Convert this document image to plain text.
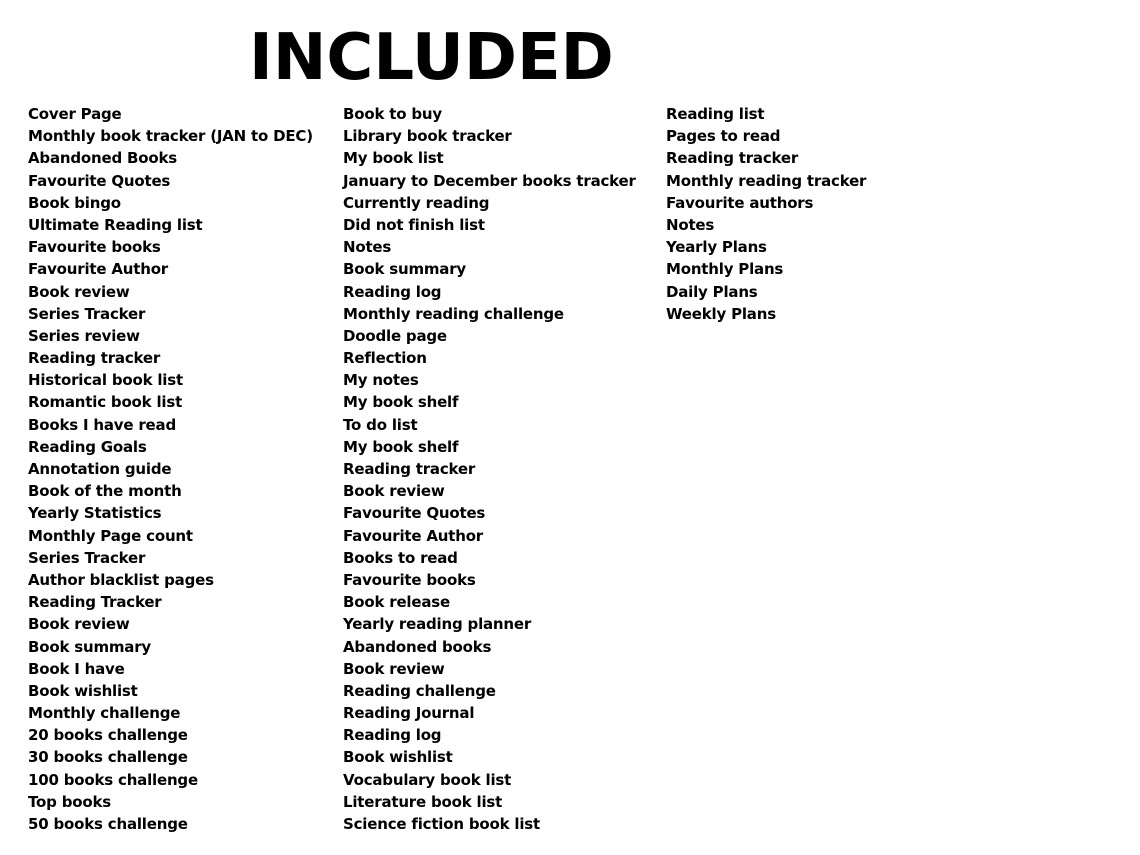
INCLUDED
Cover Page
Monthly book tracker (JAN to DEC)
Abandoned Books
Favourite Quotes
Book bingo
Ultimate Reading list
Favourite books
Favourite Author
Book review
Series Tracker
Series review
Reading tracker
Historical book list
Romantic book list
Books I have read
Reading Goals
Annotation guide
Book of the month
Yearly Statistics
Monthly Page count
Series Tracker
Author blacklist pages
Reading Tracker
Book review
Book summary
Book I have
Book wishlist
Monthly challenge
20 books challenge
30 books challenge
100 books challenge
Top books
50 books challenge
Book to buy
Library book tracker
My book list
January to December books tracker
Currently reading
Did not finish list
Notes
Book summary
Reading log
Monthly reading challenge
Doodle page
Reflection
My notes
My book shelf
To do list
My book shelf
Reading tracker
Book review
Favourite Quotes
Favourite Author
Books to read
Favourite books
Book release
Yearly reading planner
Abandoned books
Book review
Reading challenge
Reading Journal
Reading log
Book wishlist
Vocabulary book list
Literature book list
Science fiction book list
Reading list
Pages to read
Reading tracker
Monthly reading tracker
Favourite authors
Notes
Yearly Plans
Monthly Plans
Daily Plans
Weekly Plans
